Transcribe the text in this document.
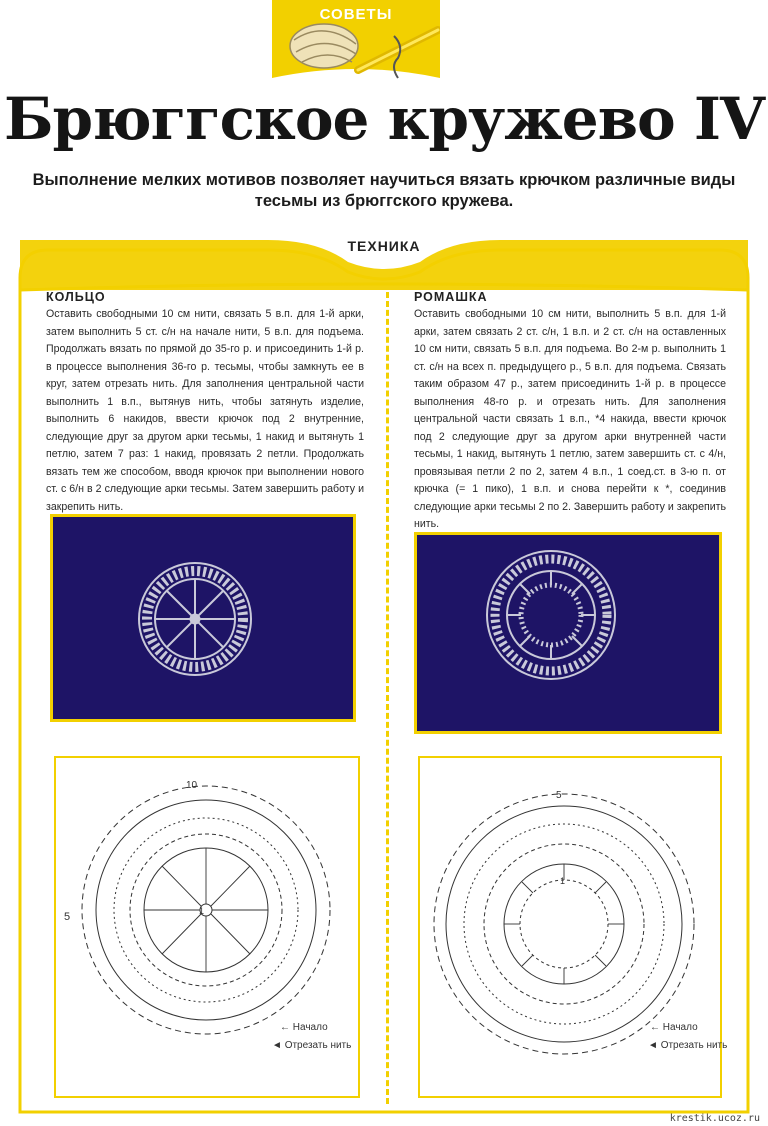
СОВЕТЫ
Брюггское кружево IV
Выполнение мелких мотивов позволяет научиться вязать крючком различные виды тесьмы из брюггского кружева.
ТЕХНИКА
КОЛЬЦО
Оставить свободными 10 см нити, связать 5 в.п. для 1-й арки, затем выполнить 5 ст. с/н на начале нити, 5 в.п. для подъема. Продолжать вязать по прямой до 35-го р. и присоединить 1-й р. в процессе выполнения 36-го р. тесьмы, чтобы замкнуть ее в круг, затем отрезать нить. Для заполнения центральной части выполнить 1 в.п., вытянув нить, чтобы затянуть изделие, выполнить 6 накидов, ввести крючок под 2 внутренние, следующие друг за другом арки тесьмы, 1 накид и вытянуть 1 петлю, затем 7 раз: 1 накид, провязать 2 петли. Продолжать вязать тем же способом, вводя крючок при выполнении нового ст. с 6/н в 2 следующие арки тесьмы. Затем завершить работу и закрепить нить.
10
5	1
← Начало
◄ Отрезать нить
РОМАШКА
Оставить свободными 10 см нити, выполнить 5 в.п. для 1-й арки, затем связать 2 ст. с/н, 1 в.п. и 2 ст. с/н на оставленных 10 см нити, связать 5 в.п. для подъема. Во 2-м р. выполнить 1 ст. с/н на всех п. предыдущего р., 5 в.п. для подъема. Связать таким образом 47 р., затем присоединить 1-й р. в процессе выполнения 48-го р. и отрезать нить. Для заполнения центральной части связать 1 в.п., *4 накида, ввести крючок под 2 следующие друг за другом арки внутренней части тесьмы, 1 накид, вытянуть 1 петлю, затем завершить ст. с 4/н, провязывая петли 2 по 2, затем 4 в.п., 1 соед.ст. в 3-ю п. от крючка (= 1 пико), 1 в.п. и снова перейти к *, соединив следующие арки тесьмы 2 по 2. Завершить работу и закрепить нить.
5
1
← Начало
◄ Отрезать нить
krestik.ucoz.ru
